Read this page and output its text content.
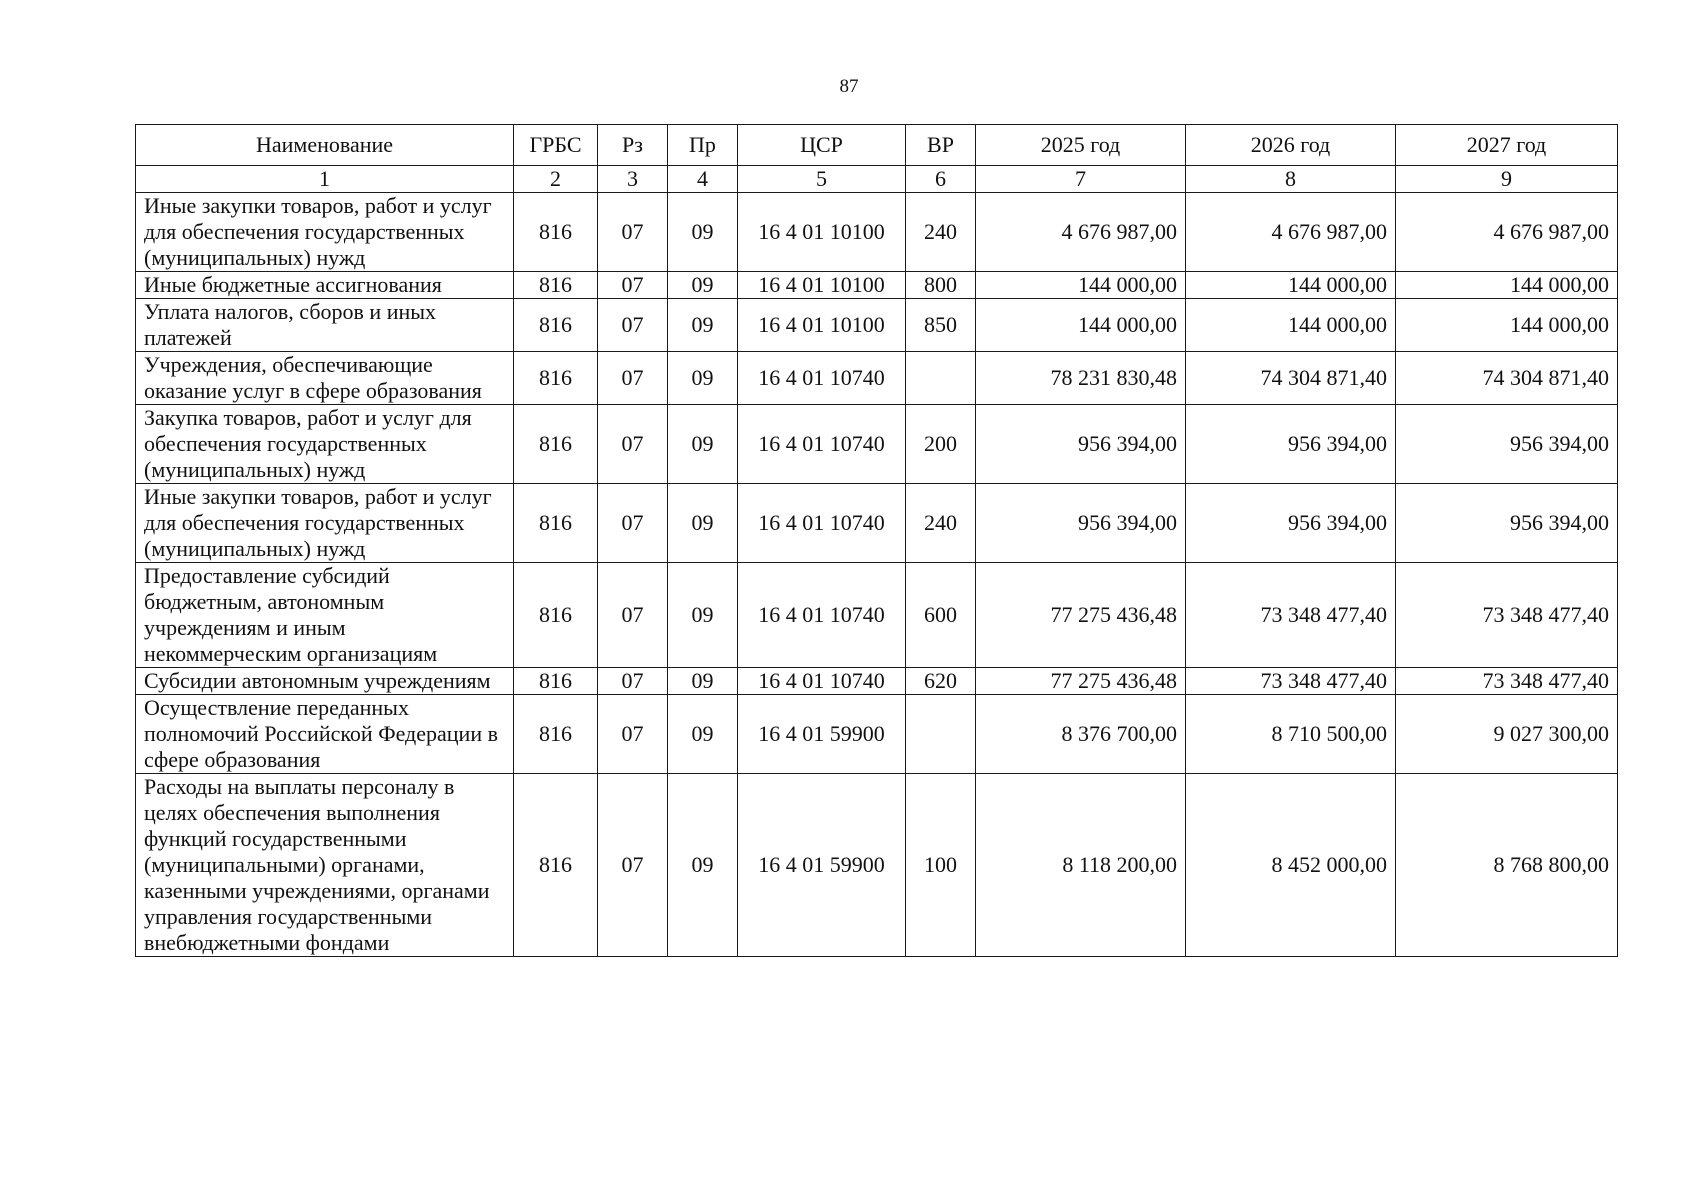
87
Наименование	ГРБС	Рз	Пр	ЦСР	ВР	2025 год	2026 год	2027 год
1	2	3	4	5	6	7	8	9
Иные закупки товаров, работ и услуг для обеспечения государственных (муниципальных) нужд	816	07	09	16 4 01 10100	240	4 676 987,00	4 676 987,00	4 676 987,00
Иные бюджетные ассигнования	816	07	09	16 4 01 10100	800	144 000,00	144 000,00	144 000,00
Уплата налогов, сборов и иных платежей	816	07	09	16 4 01 10100	850	144 000,00	144 000,00	144 000,00
Учреждения, обеспечивающие оказание услуг в сфере образования	816	07	09	16 4 01 10740		78 231 830,48	74 304 871,40	74 304 871,40
Закупка товаров, работ и услуг для обеспечения государственных (муниципальных) нужд	816	07	09	16 4 01 10740	200	956 394,00	956 394,00	956 394,00
Иные закупки товаров, работ и услуг для обеспечения государственных (муниципальных) нужд	816	07	09	16 4 01 10740	240	956 394,00	956 394,00	956 394,00
Предоставление субсидий бюджетным, автономным учреждениям и иным некоммерческим организациям	816	07	09	16 4 01 10740	600	77 275 436,48	73 348 477,40	73 348 477,40
Субсидии автономным учреждениям	816	07	09	16 4 01 10740	620	77 275 436,48	73 348 477,40	73 348 477,40
Осуществление переданных полномочий Российской Федерации в сфере образования	816	07	09	16 4 01 59900		8 376 700,00	8 710 500,00	9 027 300,00
Расходы на выплаты персоналу в целях обеспечения выполнения функций государственными (муниципальными) органами, казенными учреждениями, органами управления государственными внебюджетными фондами	816	07	09	16 4 01 59900	100	8 118 200,00	8 452 000,00	8 768 800,00
